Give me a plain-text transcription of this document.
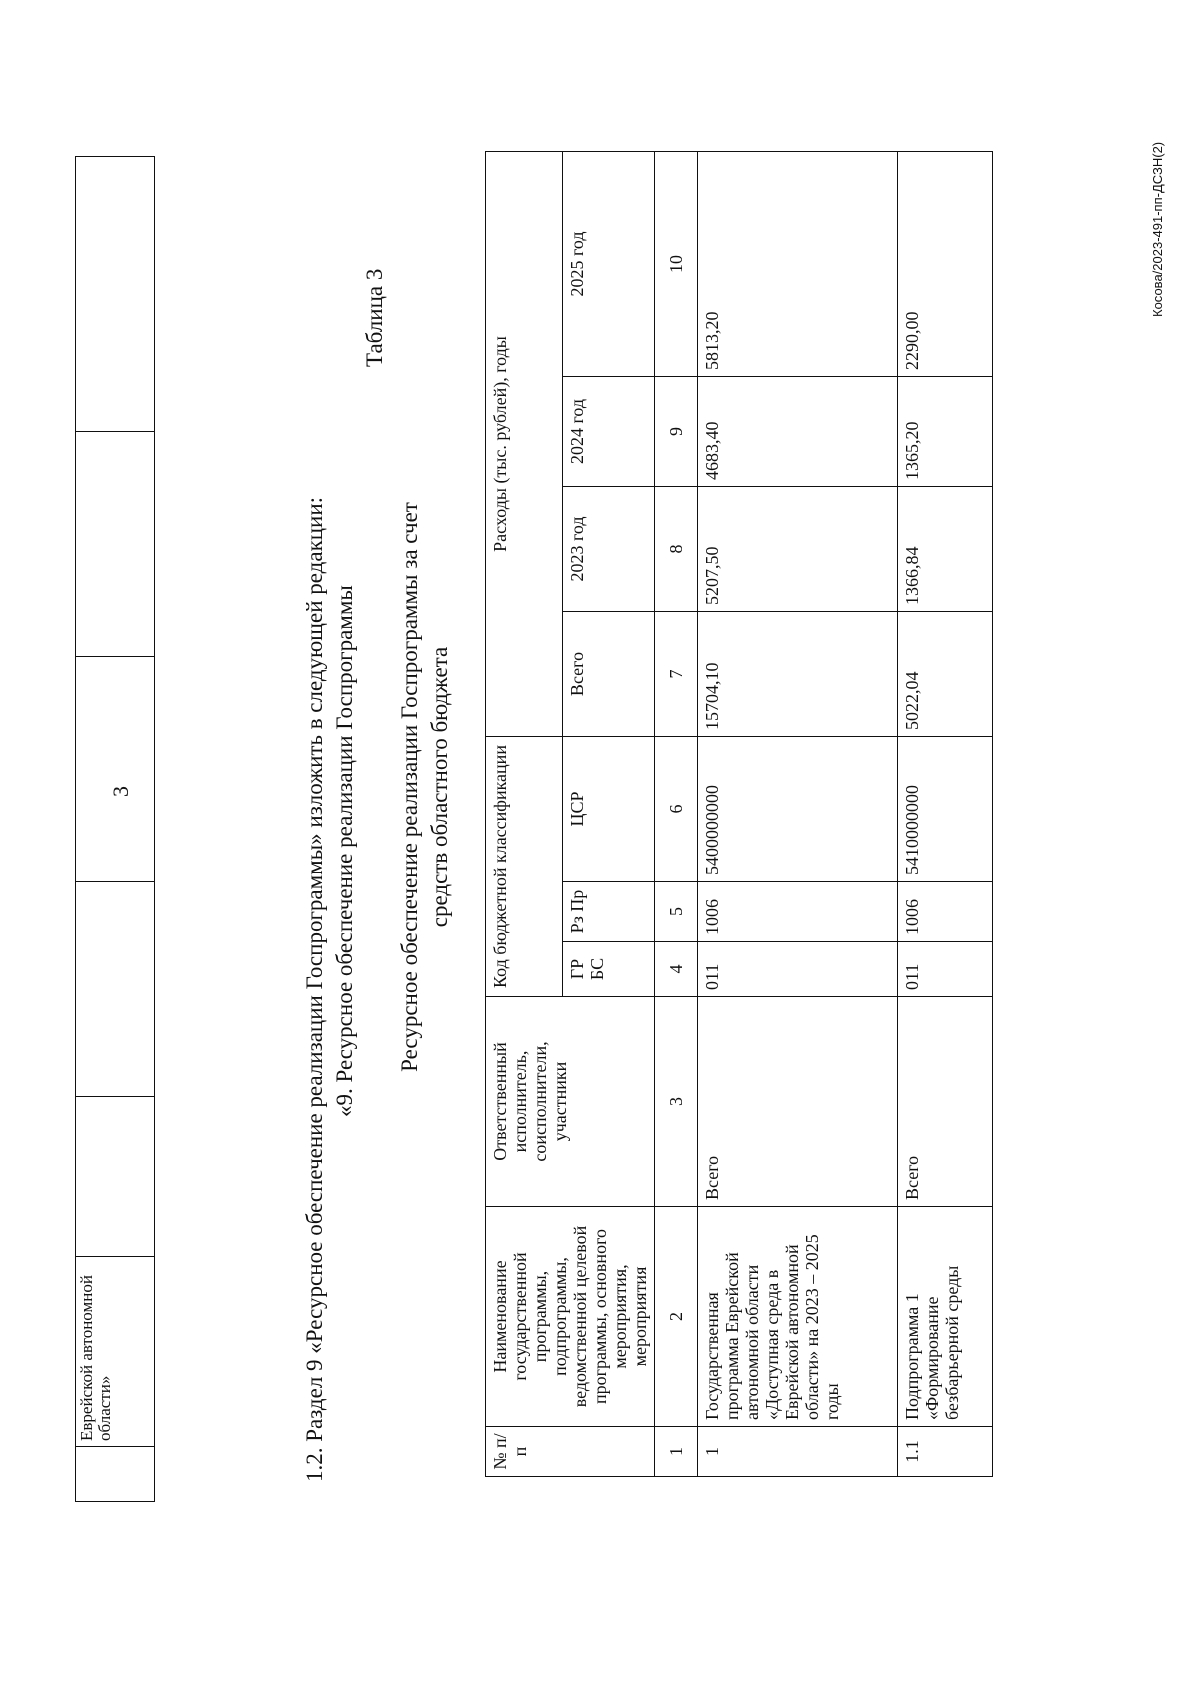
3
	Еврейской автономной области»						1.2. Раздел 9 «Ресурсное обеспечение реализации Госпрограммы» изложить в следующей редакции: «9. Ресурсное обеспечение реализации Госпрограммы
Таблица 3
Ресурсное обеспечение реализации Госпрограммы за счет средств областного бюджета
№ п/п	Наименование государственной программы, подпрограммы, ведомственной целевой программы, основного мероприятия, мероприятия	Ответственный исполнитель, соисполнители, участники	Код бюджетной классификации			Расходы (тыс. рублей), годы			
			ГР БС	Рз Пр	ЦСР	Всего	2023 год	2024 год	2025 год
1	2	3	4	5	6	7	8	9	10
1	Государственная программа Еврейской автономной области «Доступная среда в Еврейской автономной области» на 2023 – 2025 годы	Всего	011	1006	5400000000	15704,10	5207,50	4683,40	5813,20
1.1	Подпрограмма 1 «Формирование безбарьерной среды	Всего	011	1006	5410000000	5022,04	1366,84	1365,20	2290,00
Косова/2023-491-пп-ДСЗН(2)
